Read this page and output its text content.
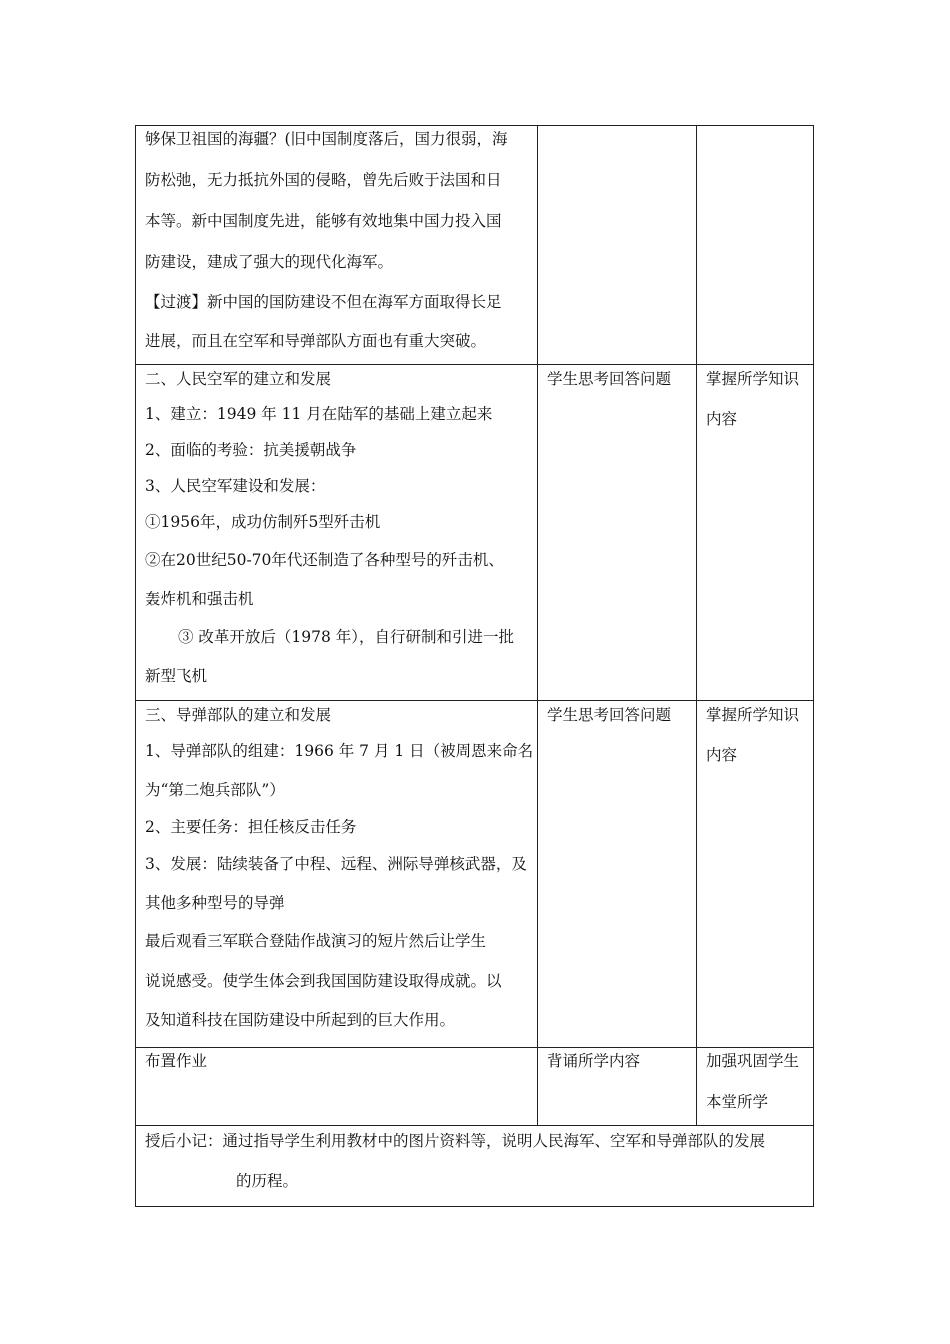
够保卫祖国的海疆？(旧中国制度落后，国力很弱，海
防松弛，无力抵抗外国的侵略，曾先后败于法国和日
本等。新中国制度先进，能够有效地集中国力投入国
防建设，建成了强大的现代化海军。
【过渡】新中国的国防建设不但在海军方面取得长足
进展，而且在空军和导弹部队方面也有重大突破。
二、人民空军的建立和发展
1、建立：1949 年 11 月在陆军的基础上建立起来
2、面临的考验：抗美援朝战争
3、人民空军建设和发展：
①1956年，成功仿制歼5型歼击机
②在20世纪50-70年代还制造了各种型号的歼击机、
轰炸机和强击机
③ 改革开放后（1978 年），自行研制和引进一批
新型飞机
学生思考回答问题 掌握所学知识
内容
三、导弹部队的建立和发展
1、导弹部队的组建：1966 年 7 月 1 日（被周恩来命名
为“第二炮兵部队”）
2、主要任务：担任核反击任务
3、发展：陆续装备了中程、远程、洲际导弹核武器，及
其他多种型号的导弹
最后观看三军联合登陆作战演习的短片然后让学生
说说感受。使学生体会到我国国防建设取得成就。以
及知道科技在国防建设中所起到的巨大作用。
学生思考回答问题 掌握所学知识
内容
布置作业	背诵所学内容	加强巩固学生
本堂所学
授后小记：通过指导学生利用教材中的图片资料等，说明人民海军、空军和导弹部队的发展
的历程。
